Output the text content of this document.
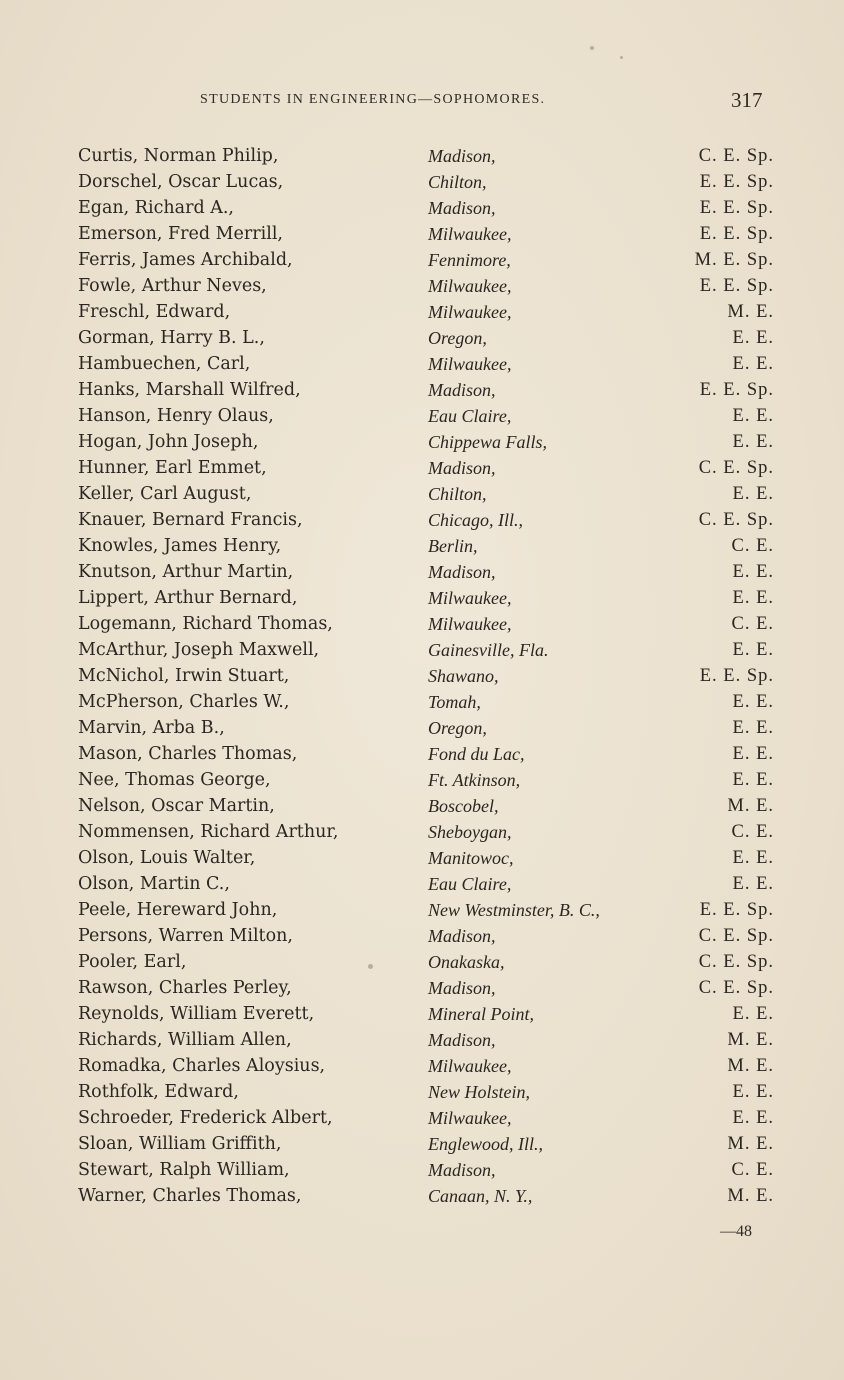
STUDENTS IN ENGINEERING—SOPHOMORES.	317
Curtis, Norman Philip,	Madison,	C. E. Sp.
Dorschel, Oscar Lucas,	Chilton,	E. E. Sp.
Egan, Richard A.,	Madison,	E. E. Sp.
Emerson, Fred Merrill,	Milwaukee,	E. E. Sp.
Ferris, James Archibald,	Fennimore,	M. E. Sp.
Fowle, Arthur Neves,	Milwaukee,	E. E. Sp.
Freschl, Edward,	Milwaukee,	M. E.
Gorman, Harry B. L.,	Oregon,	E. E.
Hambuechen, Carl,	Milwaukee,	E. E.
Hanks, Marshall Wilfred,	Madison,	E. E. Sp.
Hanson, Henry Olaus,	Eau Claire,	E. E.
Hogan, John Joseph,	Chippewa Falls,	E. E.
Hunner, Earl Emmet,	Madison,	C. E. Sp.
Keller, Carl August,	Chilton,	E. E.
Knauer, Bernard Francis,	Chicago, Ill.,	C. E. Sp.
Knowles, James Henry,	Berlin,	C. E.
Knutson, Arthur Martin,	Madison,	E. E.
Lippert, Arthur Bernard,	Milwaukee,	E. E.
Logemann, Richard Thomas,	Milwaukee,	C. E.
McArthur, Joseph Maxwell,	Gainesville, Fla.	E. E.
McNichol, Irwin Stuart,	Shawano,	E. E. Sp.
McPherson, Charles W.,	Tomah,	E. E.
Marvin, Arba B.,	Oregon,	E. E.
Mason, Charles Thomas,	Fond du Lac,	E. E.
Nee, Thomas George,	Ft. Atkinson,	E. E.
Nelson, Oscar Martin,	Boscobel,	M. E.
Nommensen, Richard Arthur,	Sheboygan,	C. E.
Olson, Louis Walter,	Manitowoc,	E. E.
Olson, Martin C.,	Eau Claire,	E. E.
Peele, Hereward John,	New Westminster, B. C.,	E. E. Sp.
Persons, Warren Milton,	Madison,	C. E. Sp.
Pooler, Earl,	Onakaska,	C. E. Sp.
Rawson, Charles Perley,	Madison,	C. E. Sp.
Reynolds, William Everett,	Mineral Point,	E. E.
Richards, William Allen,	Madison,	M. E.
Romadka, Charles Aloysius,	Milwaukee,	M. E.
Rothfolk, Edward,	New Holstein,	E. E.
Schroeder, Frederick Albert,	Milwaukee,	E. E.
Sloan, William Griffith,	Englewood, Ill.,	M. E.
Stewart, Ralph William,	Madison,	C. E.
Warner, Charles Thomas,	Canaan, N. Y.,	M. E.
—48
